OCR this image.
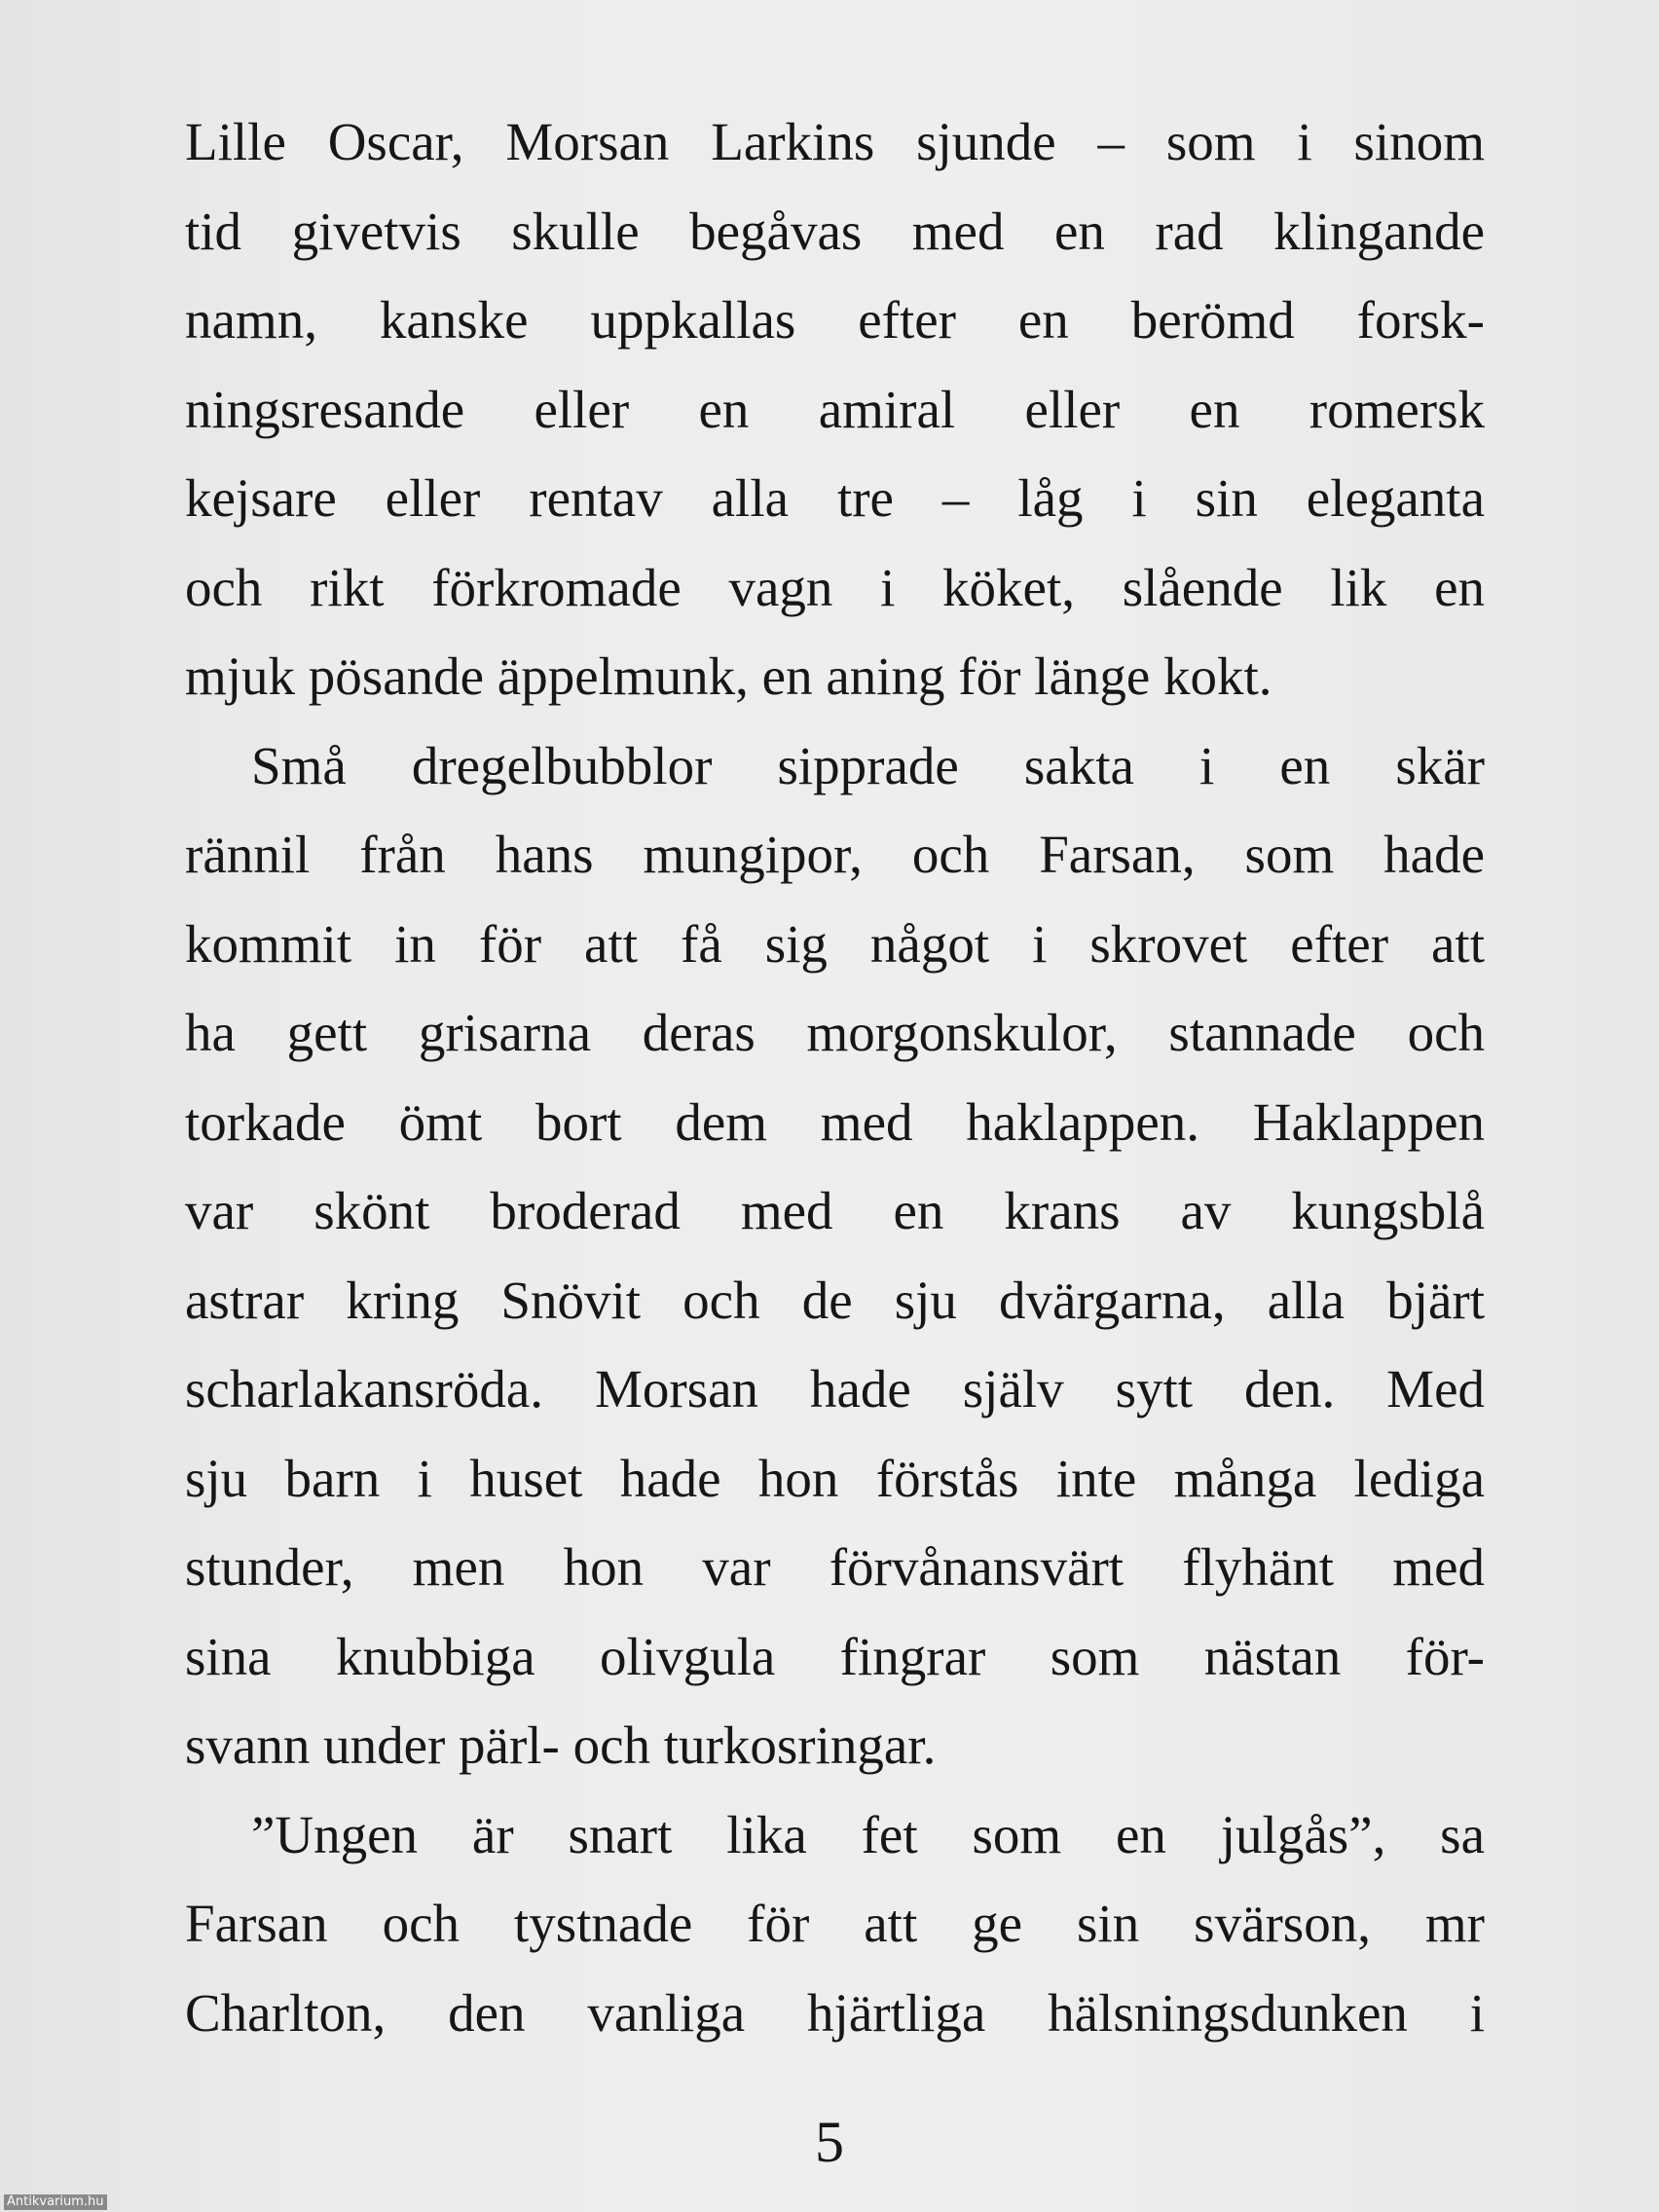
Lille Oscar, Morsan Larkins sjunde – som i sinom
tid givetvis skulle begåvas med en rad klingande
namn, kanske uppkallas efter en berömd forsk-
ningsresande eller en amiral eller en romersk
kejsare eller rentav alla tre – låg i sin eleganta
och rikt förkromade vagn i köket, slående lik en
mjuk pösande äppelmunk, en aning för länge kokt.
Små dregelbubblor sipprade sakta i en skär
rännil från hans mungipor, och Farsan, som hade
kommit in för att få sig något i skrovet efter att
ha gett grisarna deras morgonskulor, stannade och
torkade ömt bort dem med haklappen. Haklappen
var skönt broderad med en krans av kungsblå
astrar kring Snövit och de sju dvärgarna, alla bjärt
scharlakansröda. Morsan hade själv sytt den. Med
sju barn i huset hade hon förstås inte många lediga
stunder, men hon var förvånansvärt flyhänt med
sina knubbiga olivgula fingrar som nästan för-
svann under pärl- och turkosringar.
”Ungen är snart lika fet som en julgås”, sa
Farsan och tystnade för att ge sin svärson, mr
Charlton, den vanliga hjärtliga hälsningsdunken i
5
Antikvarium.hu
